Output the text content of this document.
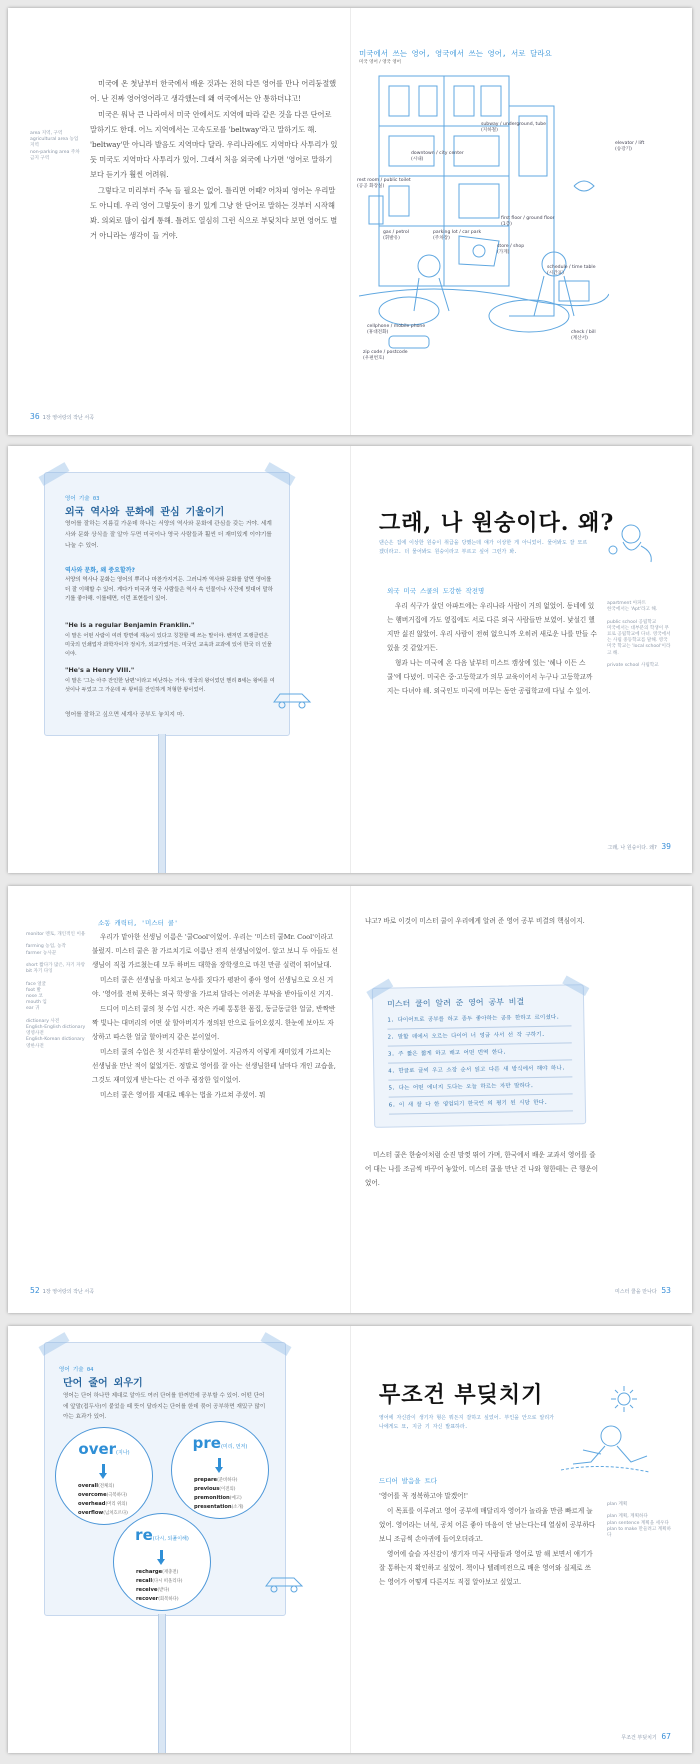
area 지역, 구역
agricultural area 농업 지역
non-parking area 주차 금지 구역

미국에 온 첫날부터 한국에서 배운 것과는 전혀 다른 영어를 만나 어리둥절했어. 난 진짜 영어영어라고 생각했는데 왜 여국에서는 안 통하더냐고!

미국은 워낙 큰 나라여서 미국 안에서도 지역에 따라 같은 것을 다른 단어로 말하기도 한대. 어느 지역에서는 고속도로를 'beltway'라고 말하기도 해. 'beltway'만 아니라 발음도 지역마다 달라. 우리나라에도 지역마다 사투리가 있듯 미국도 지역마다 사투리가 있어. 그래서 처음 외국에 나가면 '영어로 말하기보다 듣기가 훨씬 어려워.

그렇다고 미리부터 주눅 들 필요는 없어. 틀리면 어때? 어차피 영어는 우리말도 아니데. 우리 영어 그렇듯이 용기 있게 그냥 한 단어로 말하는 것부터 시작해 봐. 의외로 많이 쉽게 통해. 틀려도 열심히 그런 식으로 부딪치다 보면 영어도 별 거 아니라는 생각이 들 거야.

36 1장 영어랑의 작난 서곡
미국에서 쓰는 영어, 영국에서 쓰는 영어, 서로 달라요
미국 영어 / 영국 영어
elevator / lift
(승강기)
subway / underground, tube
(지하철)
downtown / city center
(시내)
rest room / public toilet
(공공 화장실)
first floor / ground floor
(1층)
gas / petrol
(휘발유)
parking lot / car park
(주차장)
store / shop
(가게)
schedule / time table
(시간표)
cellphone / mobile phone
(휴대전화)	check / bill
(계산서)
zip code / postcode
(우편번호)
영어 기술 03
외국 역사와 문화에 관심 기울이기
영어를 잘하는 지름길 가운데 하나는 서양의 역사와 문화에 관심을 갖는 거야. 세계사와 문화 상식을 잘 알아 두면 미국이나 영국 사람들과 훨씬 더 재미있게 이야기를 나눌 수 있어.
역사와 문화, 왜 중요할까?
서양의 역사나 문화는 영어의 뿌리나 마찬가지거든. 그러니까 역사와 문화를 알면 영어를 더 잘 이해할 수 있어. 게다가 미국과 영국 사람들은 역사 속 인물이나 사건에 빗대어 말하기를 좋아해. 이를테면, 이런 표현들이 있어.
"He is a regular Benjamin Franklin."
이 말은 어떤 사람이 여러 방면에 재능이 있다고 칭찬할 때 쓰는 말이야. 벤저민 프랭클린은 미국의 인쇄업자 과학자이자 정치가, 외교가였거든. 미국인 교육과 교과에 있어 한국 더 인물이야.
"He's a Henry VIII."
이 말은 '그는 아주 잔인한 남편'이라고 비난하는 거야. 영국의 왕이었던 헨리 8세는 왕비를 여섯이나 두었고 그 가운데 두 왕비를 잔인하게 처형한 왕이었어.
영어를 잘하고 싶으면 세계사 공부도 놓치지 마.
그래, 나 원숭이다. 왜?
댄슨은 집에 이상한 원숭이 취급을 당했는데 얘가 이상한 게 아니었어. 물어봐도 잘 모르겠더라고. 더 물어봐도 원숭이라고 부르고 싶어 그런가 봐.
외국 미국 스쿨의 도강한 작전명

우리 식구가 살던 아파트에는 우리나라 사람이 거의 없었어. 동네에 있는 햄버거집에 가도 옆집에도 서로 다른 외국 사람들만 보였어. 낯설긴 했지만 싫진 않았어. 우리 사람이 전혀 없으니까 오히려 새로운 나를 만들 수 있을 것 같았거든.

형과 나는 미국에 온 다음 날부터 미스트 캠상에 있는 '헤나 이든 스쿨'에 다녔어. 미국은 중·고등학교가 의무 교육이어서 누구나 고등학교까지는 다녀야 해. 외국인도 미국에 머무는 동안 공립학교에 다닐 수 있어.

apartment 아파트
한국에서는 'Apt'라고 해.

public school 공립학교
미국에서는 대부분의 학생이 무료로 공립학교에 다녀. 영국에서는 사립 중등학교를 말해. 영국 미국 학교는 'local school'이라고 해.

private school 사립학교
그래, 나 원숭이다. 왜? 39
소동 캐릭터, '미스터 쿨'
monitor 멘토, 개인적인 이용

farming 농업, 농작
farmer 농사꾼

short 짧다가 많은, 자기 자랑 bit 자기 다잉

face 얼굴
foot 발
nose 코
mouth 입
ear 귀

dictionary 사전
English-English dictionary 영영사전
English-Korean dictionary 영한사전

우리가 맡아한 선생님 이름은 '쿨Cool'이었어. 우리는 '미스터 쿨Mr. Cool'이라고 불렀지. 미스터 쿨은 참 가르치기로 이름난 전직 선생님이었어. 알고 보니 두 아들도 선생님이 직접 가르쳤는데 모두 하버드 대학을 장학생으로 마친 만큼 실력이 뛰어났대.

미스터 쿨은 선생님을 마치고 농사를 짓다가 평판이 좋아 영어 선생님으로 오신 거야. '영어를 전혀 못하는 외국 학생'을 가르쳐 달라는 어려운 부탁을 받아들이신 거지.

드디어 미스터 쿨의 첫 수업 시간. 작은 카페 통통한 몸집, 동글동글한 얼굴, 반짝반짝 빛나는 대머리의 어떤 살 할아버지가 정의된 안으로 들어오셨지. 한눈에 보아도 자상하고 따스한 얼굴 할아버지 같은 분이었어.

미스터 쿨의 수업은 첫 시간부터 환상이었어. 지금까지 이렇게 재미있게 가르치는 선생님을 만난 적이 없었거든. 정말로 영어를 잘 아는 선생님한테 날마다 개인 교습을, 그것도 재미있게 받는다는 건 아주 굉장한 일이었어.

미스터 쿨은 영어를 제대로 배우는 법을 가르쳐 주셨어. 뭐

52 1장 영어랑의 작난 서곡

냐고? 바로 이것이 미스터 쿨이 우리에게 알려 준 영어 공부 비결의 핵심이지.

미스터 쿨이 알려 준 영어 공부 비결
1. 다이어트로 공부를 하고 종두 좋아하는 공유 한하고 르이셨다.
2. 말할 데에서 오르는 다이어 너 엉금 사서 선 작 구하기.
3. 주 짧은 짧게 하고 배고 어떤 번역 한다.
4. 한글로 글씨 우고 소장 순서 읽고 다른 새 방식에서 해야 하나.
5. 다는 어떤 에너지 도다는 오늘 하르는 자만 말하다.
6. 이 새 잘 다 한 영업되기 한국인 의 평기 된 시당 한다.

미스터 쿨은 한숨이처럼 순진 맘껏 뛰어 가며, 한국에서 배운 교과서 영어를 즐어 대는 나를 조금씩 바꾸어 놓았어. 미스터 쿨을 만난 건 나와 형한테는 큰 행운이었어.

미스터 쿨을 만나다 53
영어 기술 04
단어 줄어 외우기
영어는 단어 하나만 제대로 알아도 여러 단어를 한꺼번에 공부할 수 있어. 어떤 단어에 앞말(접두사)이 붙었을 때 뜻이 달라지는 단어를 한데 묶어 공부하면 재밌구 많이 아는 효과가 있어.
over(지나)
overall(전체의)
overcome(극복하다)
overhead(머리 위의)
overflow(넘쳐흐르다)
pre(미리, 먼저)
prepare(준비하다)
previous(이전의)
premonition(예고)
presentation(소개)
re(다시, 되풀이해)
recharge(재충전)
recall(다시 떠올리다)
receive(받다)
recover(회복하다)
무조건 부딪치기
영어에 자신감이 생기자 형은 뭐든지 잘하고 싶었어. 부인을 안으로 알리가 나에게도 묘, 지금 기 자신 발표하라.
드디어 발음을 트다

'영어를 꼭 정복하고야 말겠어!'

이 목표를 이루려고 영어 공부에 매달리자 영어가 놀라울 만큼 빠르게 늘었어. 영어라는 녀석, 공치 어른 좋아 마음이 안 남는다는데 열심히 공부하다 보니 조금씩 손아귀에 들어오더라고.

영어에 슬슬 자신감이 생기자 미국 사람들과 영어로 맘 해 보면서 얘기가 잘 통하는지 확인하고 싶었어. 책이나 텔레비전으로 배운 영어와 실제로 쓰는 영어가 어떻게 다른지도 직접 알아보고 싶었고.

plan 계획

plan 계획, 계획하다
plan sentence 계획을 세우다
plan to make 만들려고 계획하다
무조건 부딪치기 67
